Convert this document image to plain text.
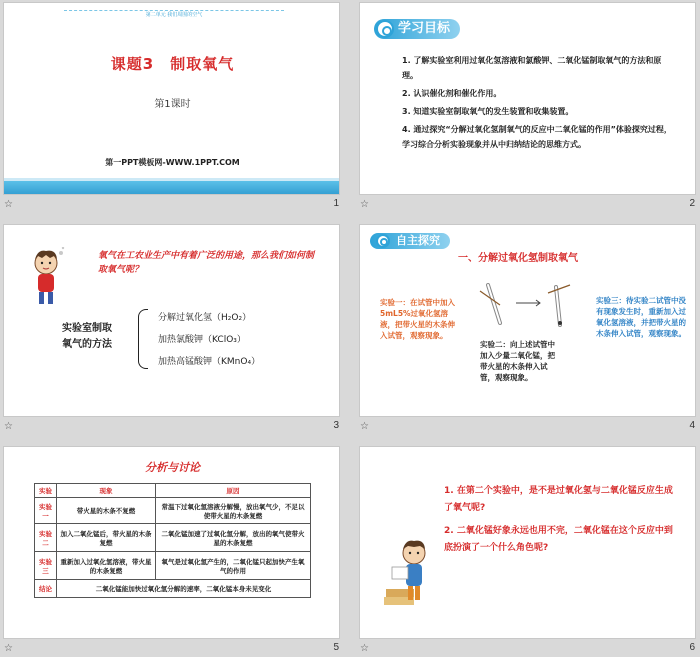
第二单元 我们周围的空气
课题3　制取氧气
第1课时
第一PPT模板网-WWW.1PPT.COM
☆	1
学习目标

1. 了解实验室利用过氧化氢溶液和氯酸钾、二氧化锰制取氧气的方法和原理。

2. 认识催化剂和催化作用。

3. 知道实验室制取氧气的发生装置和收集装置。

4. 通过探究“分解过氧化氢制氧气的反应中二氧化锰的作用”体验探究过程，学习综合分析实验现象并从中归纳结论的思维方式。

☆	2
氧气在工农业生产中有着广泛的用途，那么我们如何制取氧气呢？
实验室制取
氧气的方法
分解过氧化氢（H₂O₂）
加热氯酸钾（KClO₃）
加热高锰酸钾（KMnO₄）
☆	3
自主探究
一、分解过氧化氢制取氧气
实验一：在试管中加入5mL5%过氧化氢溶液，把带火星的木条伸入试管，观察现象。
实验二：向上述试管中加入少量二氧化锰，把带火星的木条伸入试管，观察现象。
实验三：待实验二试管中没有现象发生时，重新加入过氧化氢溶液，并把带火星的木条伸入试管，观察现象。
☆	4
分析与讨论
实验	现象	原因
实验一	带火星的木条不复燃	常温下过氧化氢溶液分解慢，放出氧气少，不足以使带火星的木条复燃
实验二	加入二氧化锰后，带火星的木条复燃	二氧化锰加速了过氧化氢分解，放出的氧气使带火星的木条复燃
实验三	重新加入过氧化氢溶液，带火星的木条复燃	氧气是过氧化氢产生的，二氧化锰只起加快产生氧气的作用
结论	二氧化锰能加快过氧化氢分解的速率，二氧化锰本身未见变化	
☆	5
1. 在第二个实验中，是不是过氧化氢与二氧化锰反应生成了氧气呢?
2. 二氧化锰好象永远也用不完，二氧化锰在这个反应中到底扮演了一个什么角色呢?
☆	6
